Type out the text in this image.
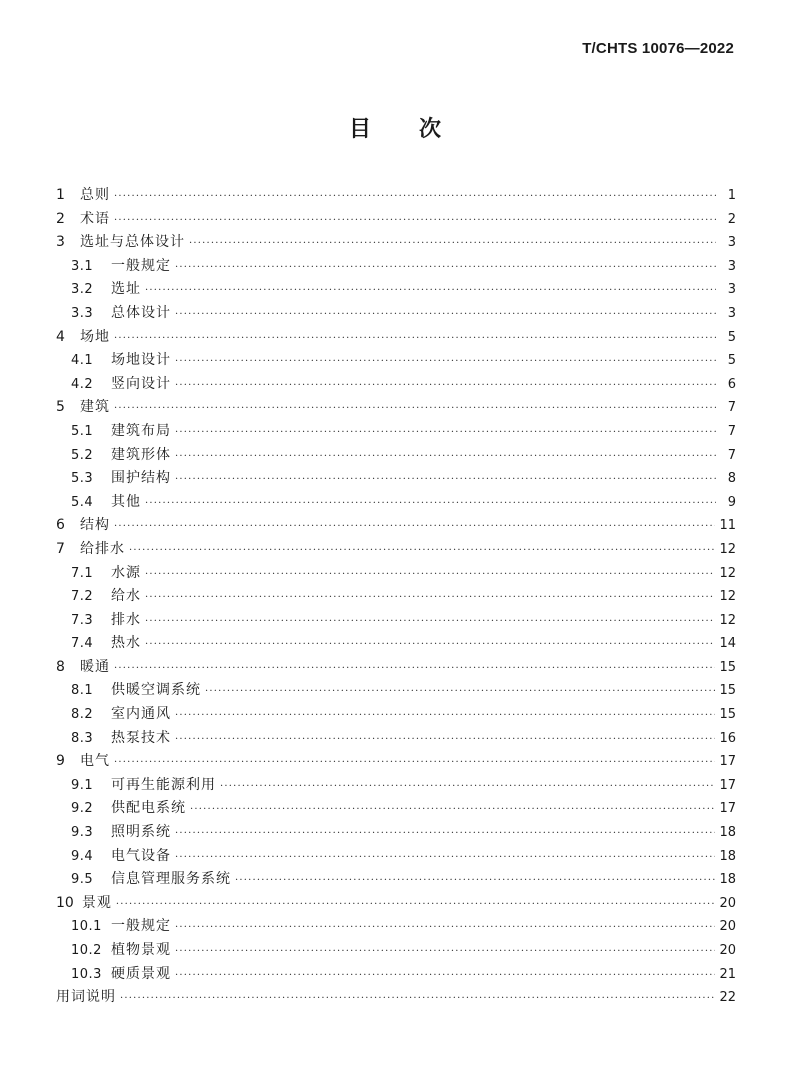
T/CHTS 10076—2022
目 次
1	总则 ·····	1
2	术语 ·····	2
3	选址与总体设计 ·····	3
3.1	一般规定 ·····	3
3.2	选址 ·····	3
3.3	总体设计 ·····	3
4	场地 ·····	5
4.1	场地设计 ·····	5
4.2	竖向设计 ·····	6
5	建筑 ·····	7
5.1	建筑布局 ·····	7
5.2	建筑形体 ·····	7
5.3	围护结构 ·····	8
5.4	其他 ·····	9
6	结构 ·····	11
7	给排水 ·····	12
7.1	水源 ·····	12
7.2	给水 ·····	12
7.3	排水 ·····	12
7.4	热水 ·····	14
8	暖通 ·····	15
8.1	供暖空调系统 ·····	15
8.2	室内通风 ·····	15
8.3	热泵技术 ·····	16
9	电气 ·····	17
9.1	可再生能源利用 ·····	17
9.2	供配电系统 ·····	17
9.3	照明系统 ·····	18
9.4	电气设备 ·····	18
9.5	信息管理服务系统 ·····	18
10 景观 ·····	20
10.1 一般规定 ·····	20
10.2 植物景观 ·····	20
10.3 硬质景观 ·····	21
用词说明 ·····	22
